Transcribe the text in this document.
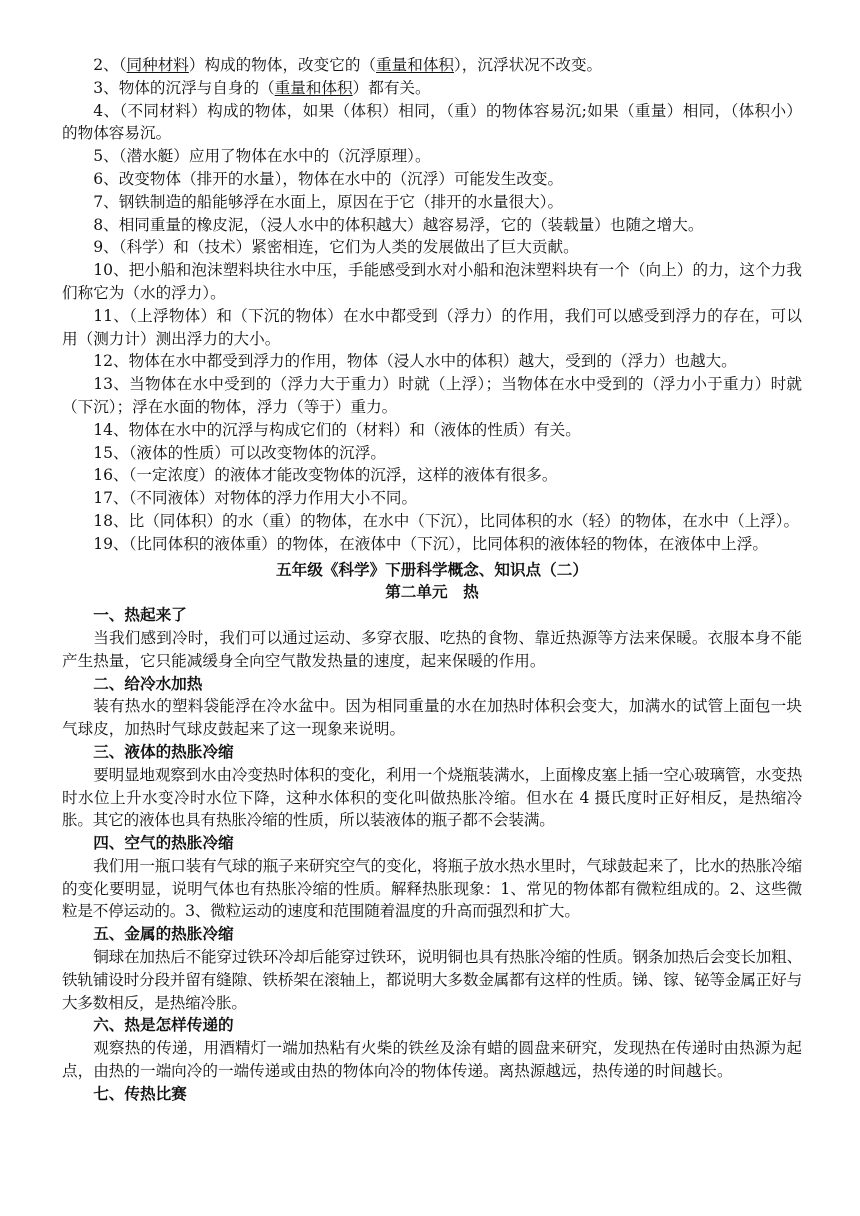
2、（同种材料）构成的物体，改变它的（重量和体积），沉浮状况不改变。

3、物体的沉浮与自身的（重量和体积）都有关。

4、（不同材料）构成的物体，如果（体积）相同，（重）的物体容易沉;如果（重量）相同，（体积小）的物体容易沉。

5、（潜水艇）应用了物体在水中的（沉浮原理）。

6、改变物体（排开的水量），物体在水中的（沉浮）可能发生改变。

7、钢铁制造的船能够浮在水面上，原因在于它（排开的水量很大）。

8、相同重量的橡皮泥，（浸人水中的体积越大）越容易浮，它的（装载量）也随之增大。

9、（科学）和（技术）紧密相连，它们为人类的发展做出了巨大贡献。

10、把小船和泡沫塑料块往水中压，手能感受到水对小船和泡沫塑料块有一个（向上）的力，这个力我们称它为（水的浮力）。

11、（上浮物体）和（下沉的物体）在水中都受到（浮力）的作用，我们可以感受到浮力的存在，可以用（测力计）测出浮力的大小。

12、物体在水中都受到浮力的作用，物体（浸人水中的体积）越大，受到的（浮力）也越大。

13、当物体在水中受到的（浮力大于重力）时就（上浮）；当物体在水中受到的（浮力小于重力）时就（下沉）；浮在水面的物体，浮力（等于）重力。

14、物体在水中的沉浮与构成它们的（材料）和（液体的性质）有关。

15、（液体的性质）可以改变物体的沉浮。

16、（一定浓度）的液体才能改变物体的沉浮，这样的液体有很多。

17、（不同液体）对物体的浮力作用大小不同。

18、比（同体积）的水（重）的物体，在水中（下沉），比同体积的水（轻）的物体，在水中（上浮）。

19、（比同体积的液体重）的物体，在液体中（下沉），比同体积的液体轻的物体，在液体中上浮。

五年级《科学》下册科学概念、知识点（二）

第二单元　热

一、热起来了

当我们感到冷时，我们可以通过运动、多穿衣服、吃热的食物、靠近热源等方法来保暖。衣服本身不能产生热量，它只能减缓身全向空气散发热量的速度，起来保暖的作用。

二、给冷水加热

装有热水的塑料袋能浮在冷水盆中。因为相同重量的水在加热时体积会变大，加满水的试管上面包一块气球皮，加热时气球皮鼓起来了这一现象来说明。

三、液体的热胀冷缩

要明显地观察到水由冷变热时体积的变化，利用一个烧瓶装满水，上面橡皮塞上插一空心玻璃管，水变热时水位上升水变冷时水位下降，这种水体积的变化叫做热胀冷缩。但水在 4 摄氏度时正好相反，是热缩冷胀。其它的液体也具有热胀冷缩的性质，所以装液体的瓶子都不会装满。

四、空气的热胀冷缩

我们用一瓶口装有气球的瓶子来研究空气的变化，将瓶子放水热水里时，气球鼓起来了，比水的热胀冷缩的变化要明显，说明气体也有热胀冷缩的性质。解释热胀现象：1、常见的物体都有微粒组成的。2、这些微粒是不停运动的。3、微粒运动的速度和范围随着温度的升高而强烈和扩大。

五、金属的热胀冷缩

铜球在加热后不能穿过铁环冷却后能穿过铁环，说明铜也具有热胀冷缩的性质。钢条加热后会变长加粗、铁轨铺设时分段并留有缝隙、铁桥架在滚轴上，都说明大多数金属都有这样的性质。锑、镓、铋等金属正好与大多数相反，是热缩冷胀。

六、热是怎样传递的

观察热的传递，用酒精灯一端加热粘有火柴的铁丝及涂有蜡的圆盘来研究，发现热在传递时由热源为起点，由热的一端向冷的一端传递或由热的物体向冷的物体传递。离热源越远，热传递的时间越长。

七、传热比赛
